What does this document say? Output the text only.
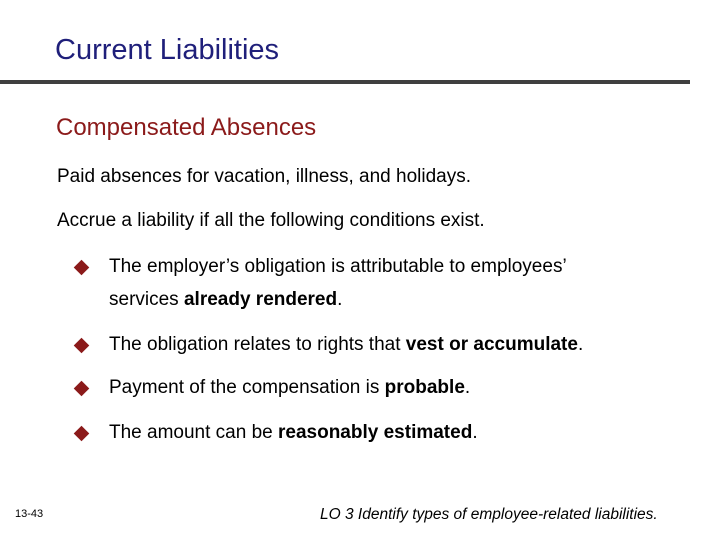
Current Liabilities
Compensated Absences
Paid absences for vacation, illness, and holidays.
Accrue a liability if all the following conditions exist.
The employer’s obligation is attributable to employees’
services already rendered.
The obligation relates to rights that vest or accumulate.
Payment of the compensation is probable.
The amount can be reasonably estimated.
13-43	LO 3 Identify types of employee-related liabilities.
